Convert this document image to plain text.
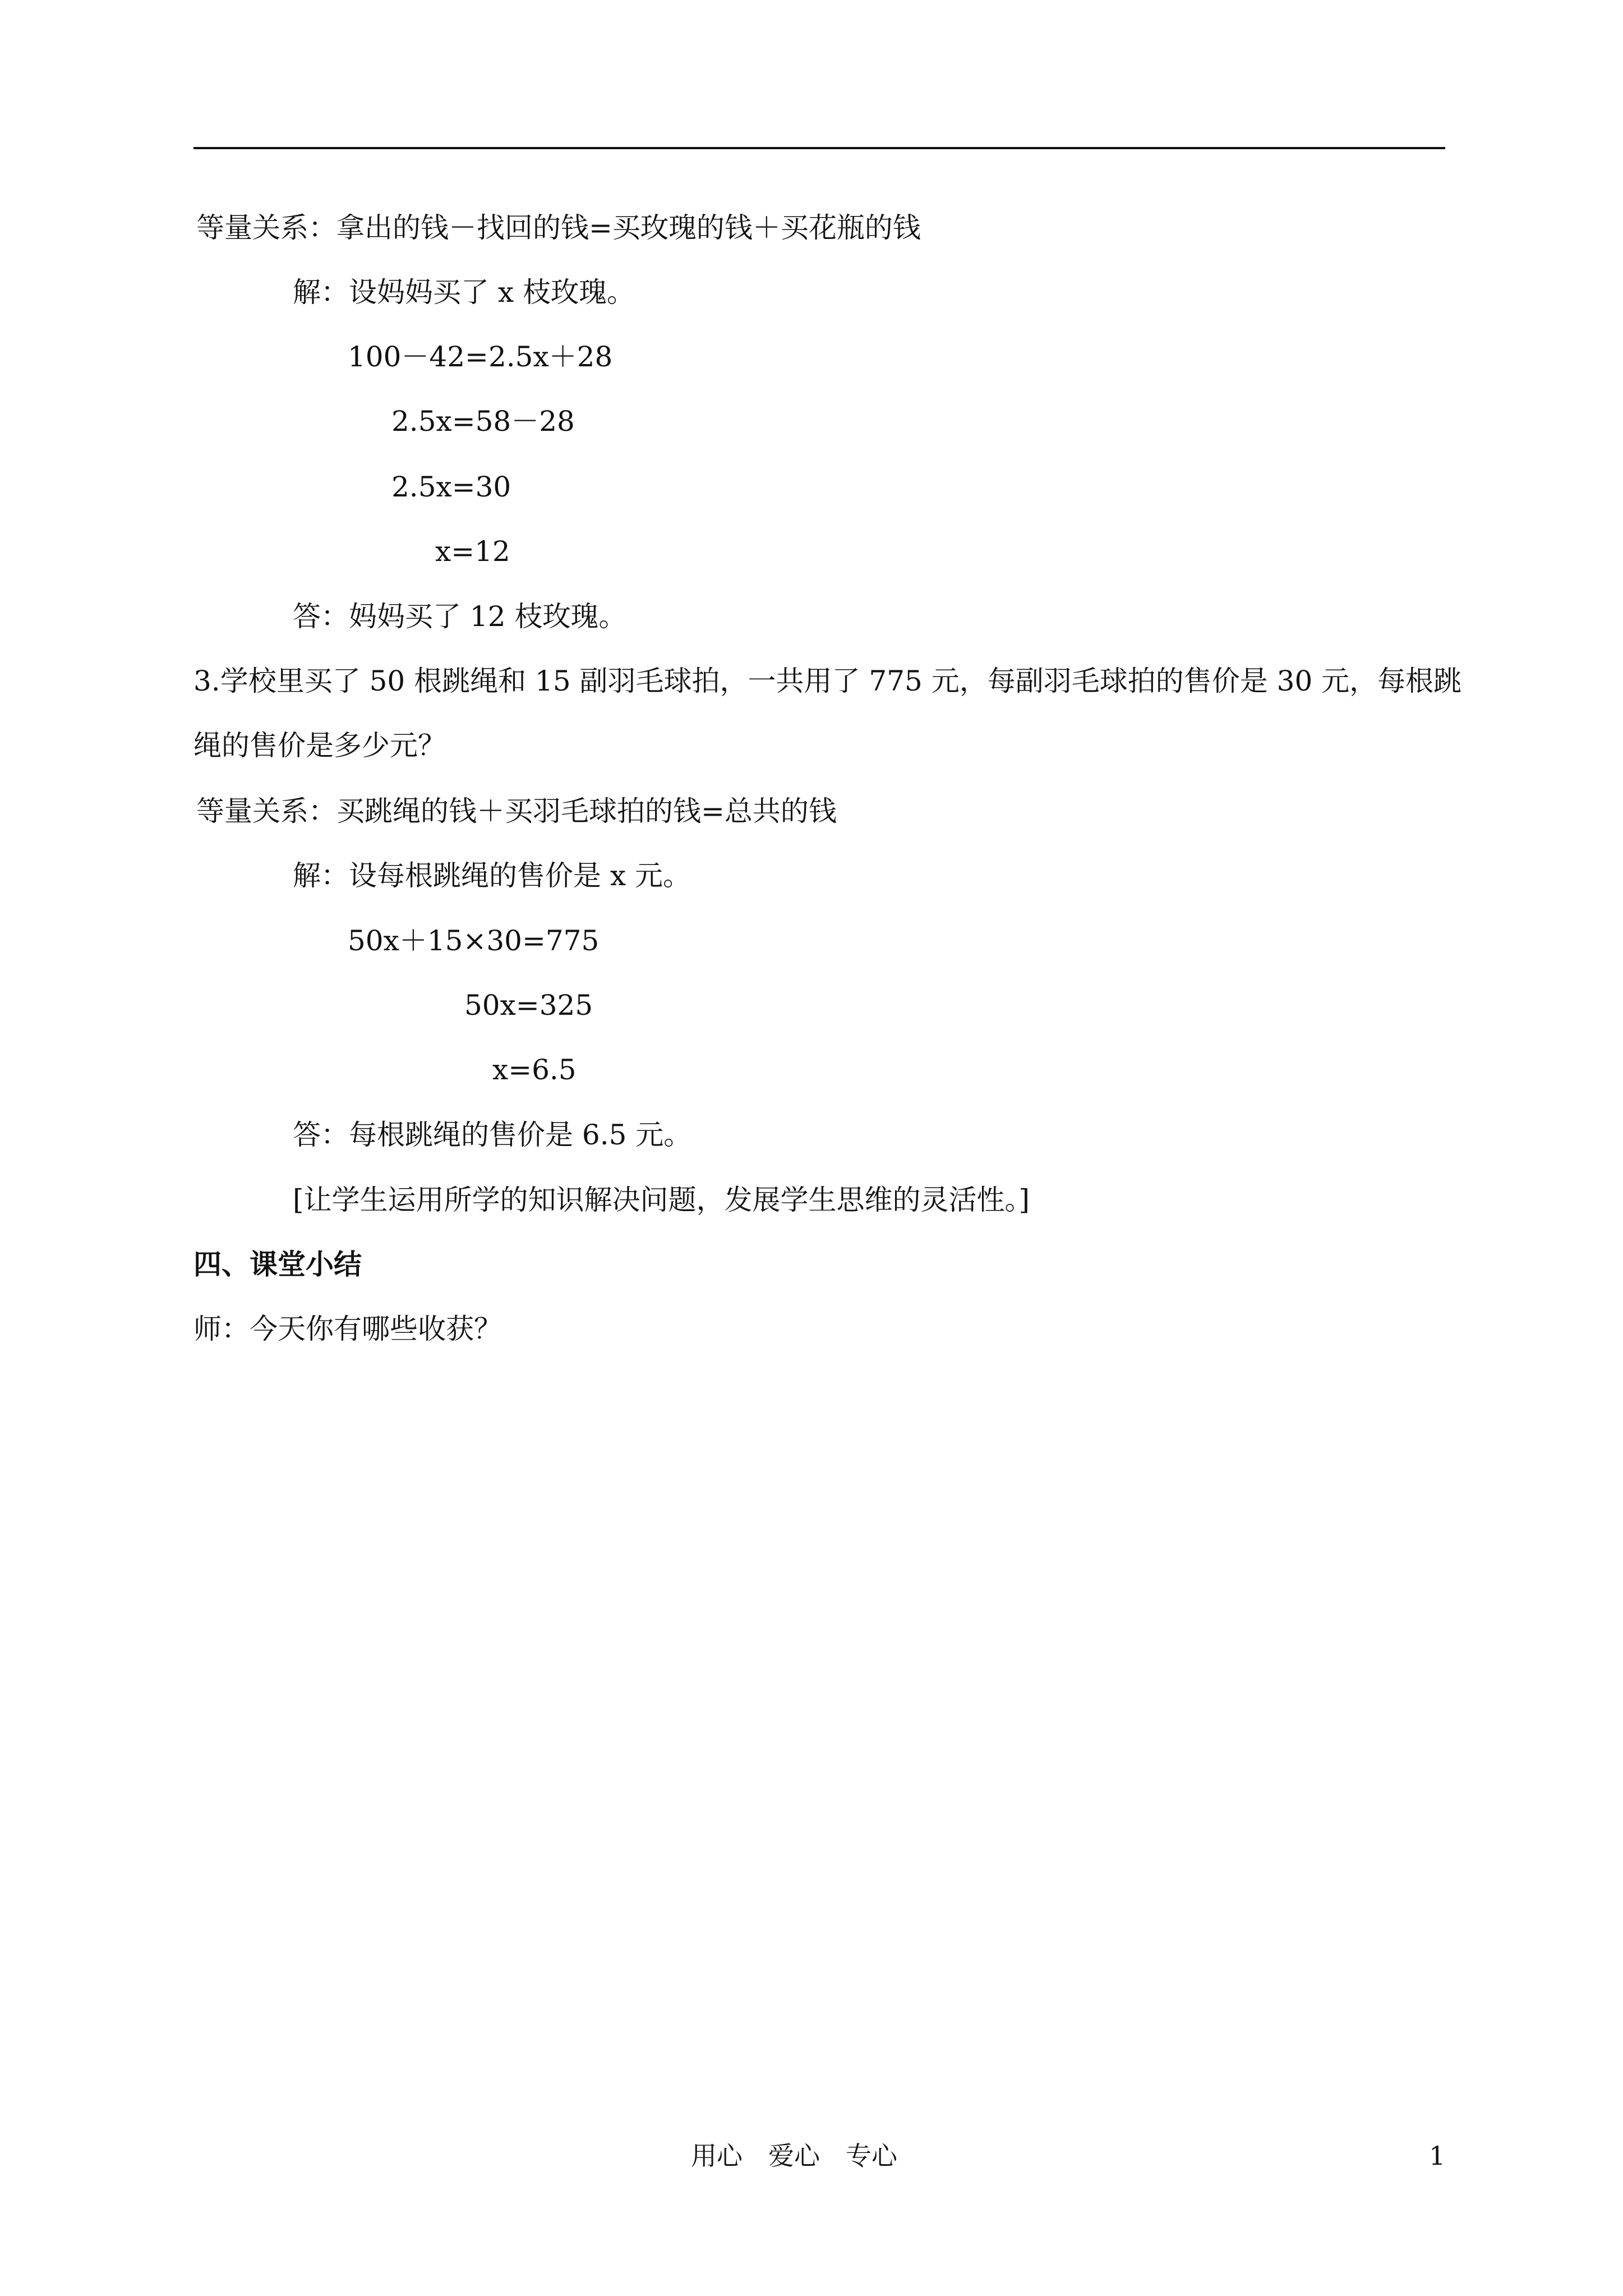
等量关系：拿出的钱－找回的钱=买玫瑰的钱＋买花瓶的钱
解：设妈妈买了 x 枝玫瑰。
100－42=2.5x＋28
2.5x=58－28
2.5x=30
x=12
答：妈妈买了 12 枝玫瑰。
3.学校里买了 50 根跳绳和 15 副羽毛球拍，一共用了 775 元，每副羽毛球拍的售价是 30 元，每根跳
绳的售价是多少元？
等量关系：买跳绳的钱＋买羽毛球拍的钱=总共的钱
解：设每根跳绳的售价是 x 元。
50x＋15×30=775
50x=325
x=6.5
答：每根跳绳的售价是 6.5 元。
[让学生运用所学的知识解决问题，发展学生思维的灵活性。]
四、课堂小结
师：今天你有哪些收获？
用心　爱心　专心	1
